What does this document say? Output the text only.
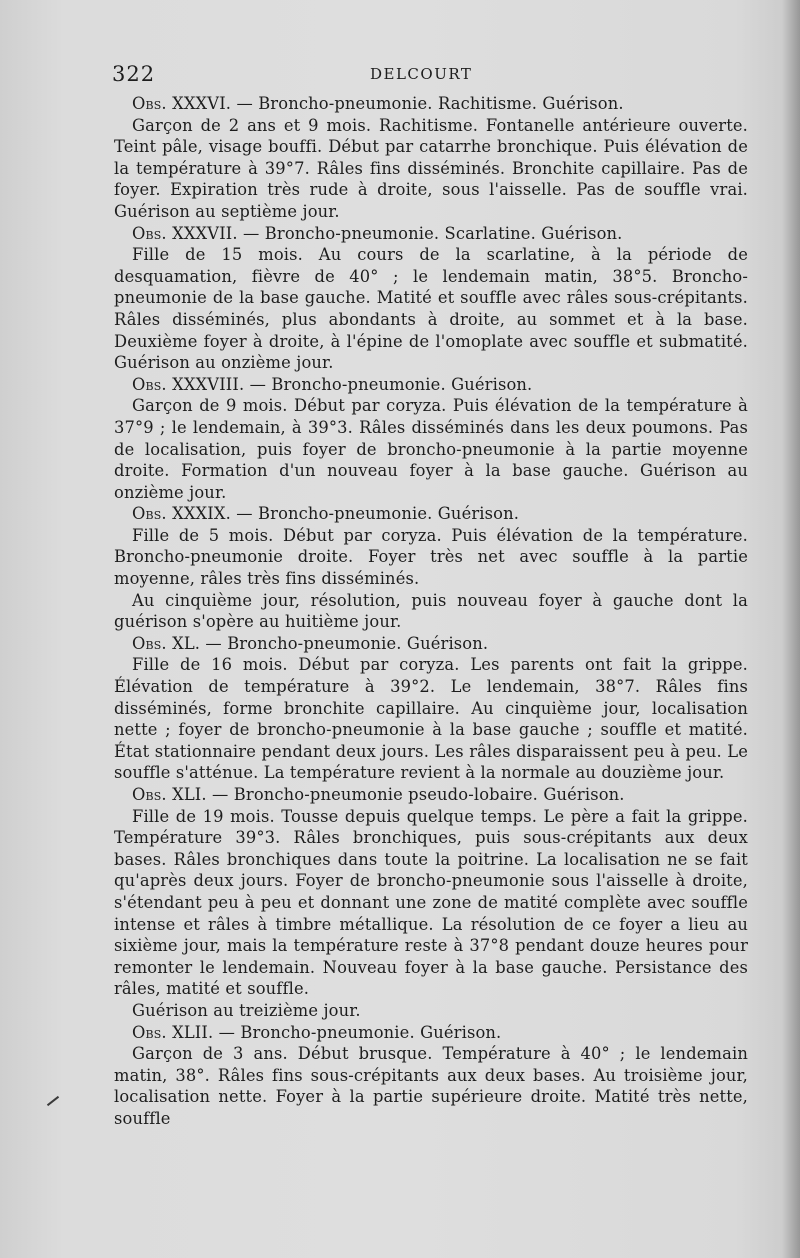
322	DELCOURT

Obs. XXXVI. — Broncho-pneumonie. Rachitisme. Guérison.

Garçon de 2 ans et 9 mois. Rachitisme. Fontanelle antérieure ouverte. Teint pâle, visage bouffi. Début par catarrhe bronchique. Puis élévation de la température à 39°7. Râles fins disséminés. Bronchite capillaire. Pas de foyer. Expiration très rude à droite, sous l'aisselle. Pas de souffle vrai. Guérison au septième jour.

Obs. XXXVII. — Broncho-pneumonie. Scarlatine. Guérison.

Fille de 15 mois. Au cours de la scarlatine, à la période de desquamation, fièvre de 40° ; le lendemain matin, 38°5. Broncho-pneumonie de la base gauche. Matité et souffle avec râles sous-crépitants. Râles disséminés, plus abondants à droite, au sommet et à la base. Deuxième foyer à droite, à l'épine de l'omoplate avec souffle et submatité. Guérison au onzième jour.

Obs. XXXVIII. — Broncho-pneumonie. Guérison.

Garçon de 9 mois. Début par coryza. Puis élévation de la température à 37°9 ; le lendemain, à 39°3. Râles disséminés dans les deux poumons. Pas de localisation, puis foyer de broncho-pneumonie à la partie moyenne droite. Formation d'un nouveau foyer à la base gauche. Guérison au onzième jour.

Obs. XXXIX. — Broncho-pneumonie. Guérison.

Fille de 5 mois. Début par coryza. Puis élévation de la température. Broncho-pneumonie droite. Foyer très net avec souffle à la partie moyenne, râles très fins disséminés.

Au cinquième jour, résolution, puis nouveau foyer à gauche dont la guérison s'opère au huitième jour.

Obs. XL. — Broncho-pneumonie. Guérison.

Fille de 16 mois. Début par coryza. Les parents ont fait la grippe. Élévation de température à 39°2. Le lendemain, 38°7. Râles fins disséminés, forme bronchite capillaire. Au cinquième jour, localisation nette ; foyer de broncho-pneumonie à la base gauche ; souffle et matité. État stationnaire pendant deux jours. Les râles disparaissent peu à peu. Le souffle s'atténue. La température revient à la normale au douzième jour.

Obs. XLI. — Broncho-pneumonie pseudo-lobaire. Guérison.

Fille de 19 mois. Tousse depuis quelque temps. Le père a fait la grippe. Température 39°3. Râles bronchiques, puis sous-crépitants aux deux bases. Râles bronchiques dans toute la poitrine. La localisation ne se fait qu'après deux jours. Foyer de broncho-pneumonie sous l'aisselle à droite, s'étendant peu à peu et donnant une zone de matité complète avec souffle intense et râles à timbre métallique. La résolution de ce foyer a lieu au sixième jour, mais la température reste à 37°8 pendant douze heures pour remonter le lendemain. Nouveau foyer à la base gauche. Persistance des râles, matité et souffle.

Guérison au treizième jour.

Obs. XLII. — Broncho-pneumonie. Guérison.

Garçon de 3 ans. Début brusque. Température à 40° ; le lendemain matin, 38°. Râles fins sous-crépitants aux deux bases. Au troisième jour, localisation nette. Foyer à la partie supérieure droite. Matité très nette, souffle
